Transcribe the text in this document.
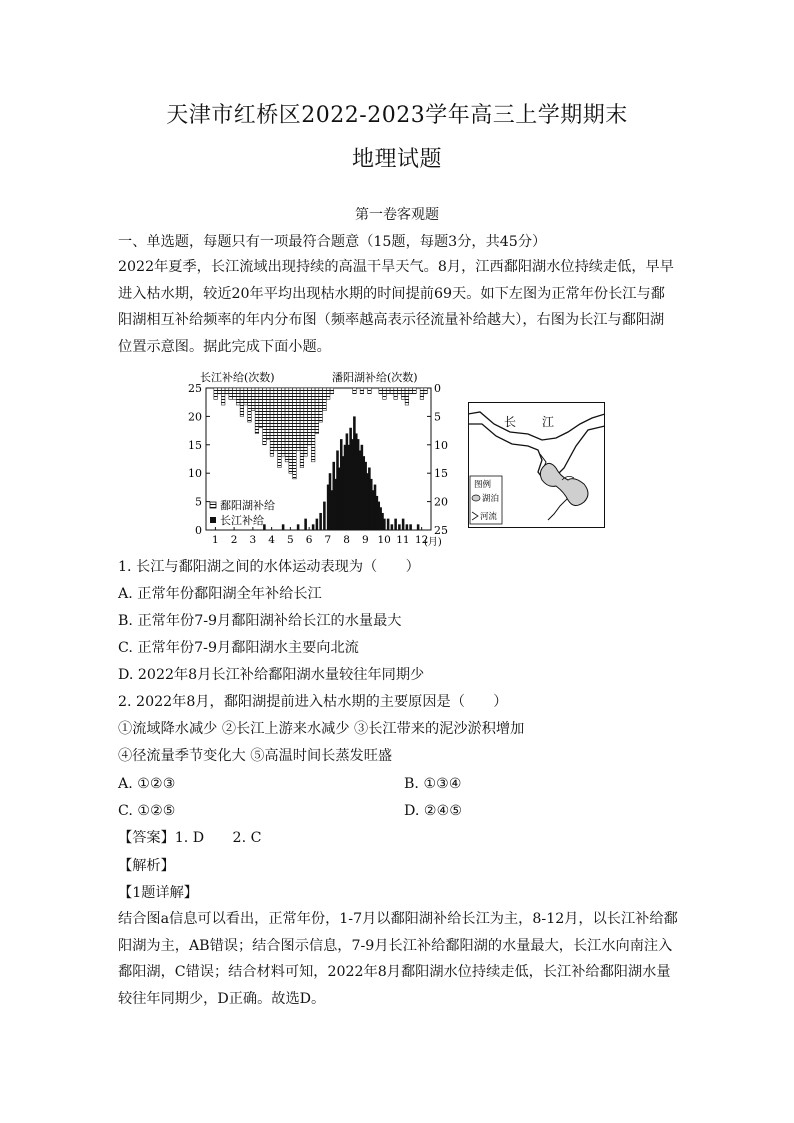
天津市红桥区2022-2023学年高三上学期期末
地理试题
第一卷客观题
一、单选题，每题只有一项最符合题意（15题，每题3分，共45分）
2022年夏季，长江流域出现持续的高温干旱天气。8月，江西鄱阳湖水位持续走低，早早进入枯水期，较近20年平均出现枯水期的时间提前69天。如下左图为正常年份长江与鄱阳湖相互补给频率的年内分布图（频率越高表示径流量补给越大），右图为长江与鄱阳湖位置示意图。据此完成下面小题。
长江补给(次数)	潘阳湖补给(次数)
25
20
15
10
5
0
0
5
10
15
20
25
1 2 3 4 5 6 7 8 9 10 11 12
(月)
鄱阳湖补给
长江补给
长 江
图例
湖泊
河流
1. 长江与鄱阳湖之间的水体运动表现为（　　）
A. 正常年份鄱阳湖全年补给长江
B. 正常年份7-9月鄱阳湖补给长江的水量最大
C. 正常年份7-9月鄱阳湖水主要向北流
D. 2022年8月长江补给鄱阳湖水量较往年同期少
2. 2022年8月，鄱阳湖提前进入枯水期的主要原因是（　　）
①流域降水减少 ②长江上游来水减少 ③长江带来的泥沙淤积增加
④径流量季节变化大 ⑤高温时间长蒸发旺盛
A. ①②③	B. ①③④
C. ①②⑤	D. ②④⑤
【答案】1. D　　2. C
【解析】
【1题详解】
结合图a信息可以看出，正常年份，1-7月以鄱阳湖补给长江为主，8-12月，以长江补给鄱阳湖为主，AB错误；结合图示信息，7-9月长江补给鄱阳湖的水量最大，长江水向南注入鄱阳湖，C错误；结合材料可知，2022年8月鄱阳湖水位持续走低，长江补给鄱阳湖水量较往年同期少，D正确。故选D。
